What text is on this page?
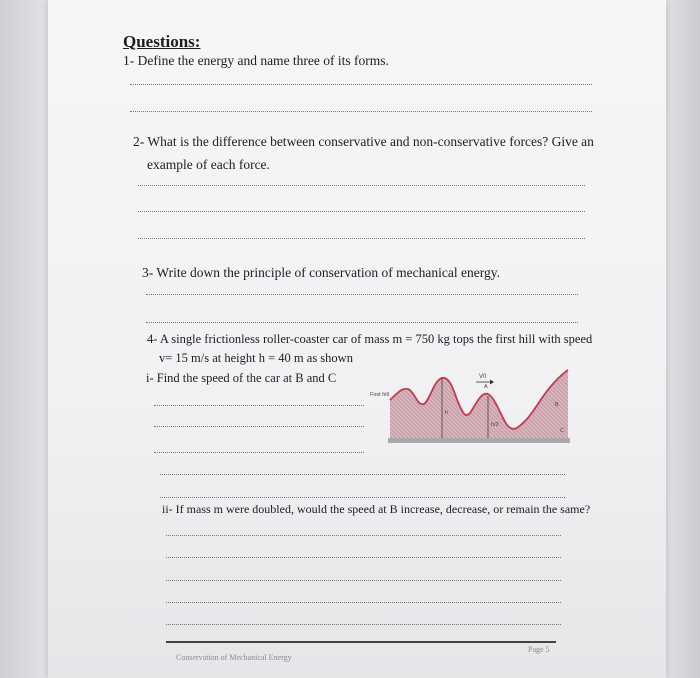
Questions:
1- Define the energy and name three of its forms.
2- What is the difference between conservative and non-conservative forces? Give an
example of each force.
3- Write down the principle of conservation of mechanical energy.
4- A single frictionless roller-coaster car of mass m = 750 kg tops the first hill with speed
v= 15 m/s at height h = 40 m as shown
i- Find the speed of the car at B and C
First hill
V0
A
B
C
h
h/2
ii- If mass m were doubled, would the speed at B increase, decrease, or remain the same?
Conservation of Mechanical Energy
Page 5
